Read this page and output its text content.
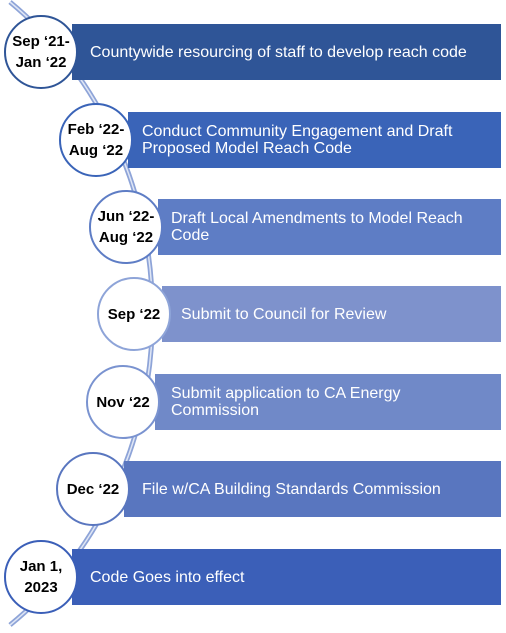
Countywide resourcing of staff to develop reach code
Conduct Community Engagement and Draft Proposed Model Reach Code
Draft Local Amendments to Model Reach Code
Submit to Council for Review
Submit application to CA Energy Commission
File w/CA Building Standards Commission
Code Goes into effect
Sep ‘21-
Jan ‘22
Feb ‘22-
Aug ‘22
Jun ‘22-
Aug ‘22
Sep ‘22
Nov ‘22
Dec ‘22
Jan 1,
2023
